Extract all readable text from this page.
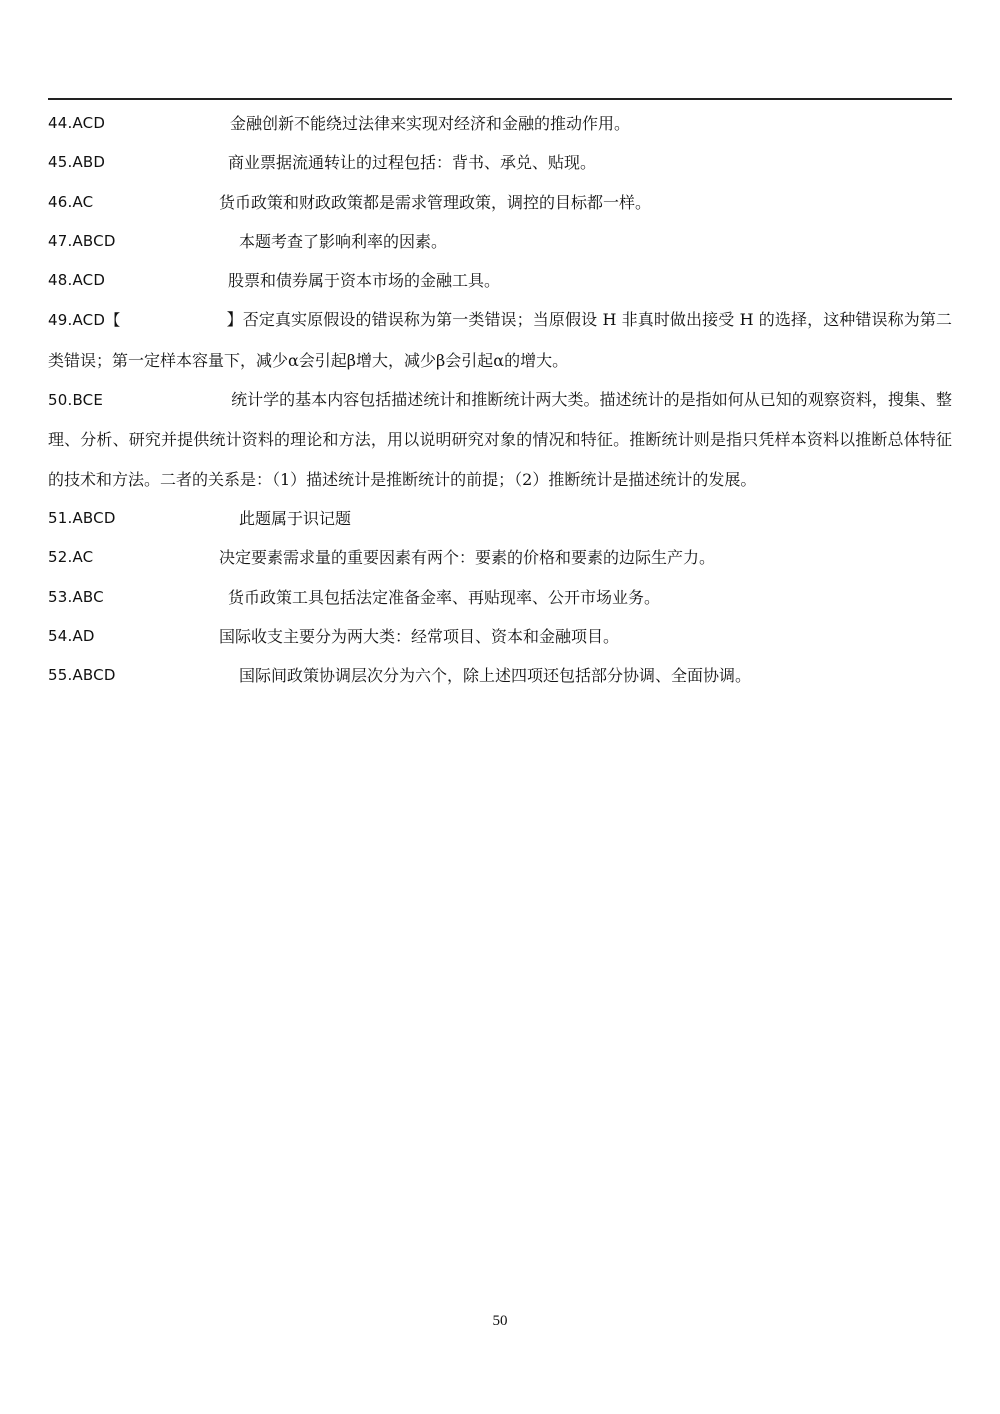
44.ACD	金融创新不能绕过法律来实现对经济和金融的推动作用。
45.ABD	商业票据流通转让的过程包括：背书、承兑、贴现。
46.AC	货币政策和财政政策都是需求管理政策，调控的目标都一样。
47.ABCD	本题考查了影响利率的因素。
48.ACD	股票和债券属于资本市场的金融工具。
49.ACD【	】否定真实原假设的错误称为第一类错误；当原假设 H 非真时做出接受 H 的选择，这种错误称为第二类错误；第一定样本容量下，减少α会引起β增大，减少β会引起α的增大。
50.BCE	统计学的基本内容包括描述统计和推断统计两大类。描述统计的是指如何从已知的观察资料，搜集、整理、分析、研究并提供统计资料的理论和方法，用以说明研究对象的情况和特征。推断统计则是指只凭样本资料以推断总体特征的技术和方法。二者的关系是：（1）描述统计是推断统计的前提；（2）推断统计是描述统计的发展。
51.ABCD	此题属于识记题
52.AC	决定要素需求量的重要因素有两个：要素的价格和要素的边际生产力。
53.ABC	货币政策工具包括法定准备金率、再贴现率、公开市场业务。
54.AD	国际收支主要分为两大类：经常项目、资本和金融项目。
55.ABCD	国际间政策协调层次分为六个，除上述四项还包括部分协调、全面协调。
50
